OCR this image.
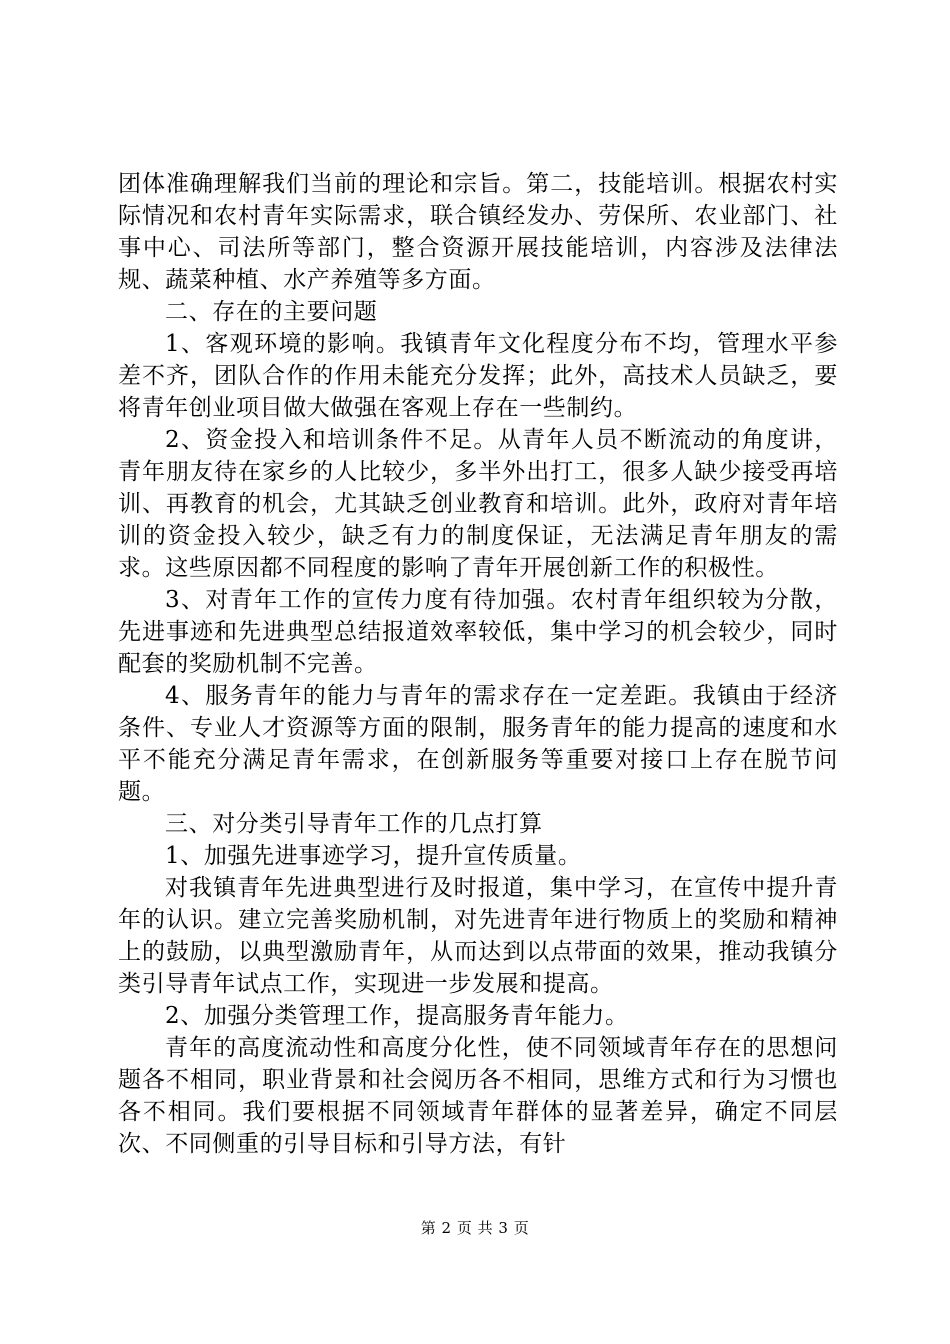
团体准确理解我们当前的理论和宗旨。第二，技能培训。根据农村实际情况和农村青年实际需求，联合镇经发办、劳保所、农业部门、社事中心、司法所等部门，整合资源开展技能培训，内容涉及法律法规、蔬菜种植、水产养殖等多方面。

二、存在的主要问题

1、客观环境的影响。我镇青年文化程度分布不均，管理水平参差不齐，团队合作的作用未能充分发挥；此外，高技术人员缺乏，要将青年创业项目做大做强在客观上存在一些制约。

2、资金投入和培训条件不足。从青年人员不断流动的角度讲，青年朋友待在家乡的人比较少，多半外出打工，很多人缺少接受再培训、再教育的机会，尤其缺乏创业教育和培训。此外，政府对青年培训的资金投入较少，缺乏有力的制度保证，无法满足青年朋友的需求。这些原因都不同程度的影响了青年开展创新工作的积极性。

3、对青年工作的宣传力度有待加强。农村青年组织较为分散，先进事迹和先进典型总结报道效率较低，集中学习的机会较少，同时配套的奖励机制不完善。

4、服务青年的能力与青年的需求存在一定差距。我镇由于经济条件、专业人才资源等方面的限制，服务青年的能力提高的速度和水平不能充分满足青年需求，在创新服务等重要对接口上存在脱节问题。

三、对分类引导青年工作的几点打算

1、加强先进事迹学习，提升宣传质量。

对我镇青年先进典型进行及时报道，集中学习，在宣传中提升青年的认识。建立完善奖励机制，对先进青年进行物质上的奖励和精神上的鼓励，以典型激励青年，从而达到以点带面的效果，推动我镇分类引导青年试点工作，实现进一步发展和提高。

2、加强分类管理工作，提高服务青年能力。

青年的高度流动性和高度分化性，使不同领域青年存在的思想问题各不相同，职业背景和社会阅历各不相同，思维方式和行为习惯也各不相同。我们要根据不同领域青年群体的显著差异，确定不同层次、不同侧重的引导目标和引导方法，有针

第 2 页 共 3 页
